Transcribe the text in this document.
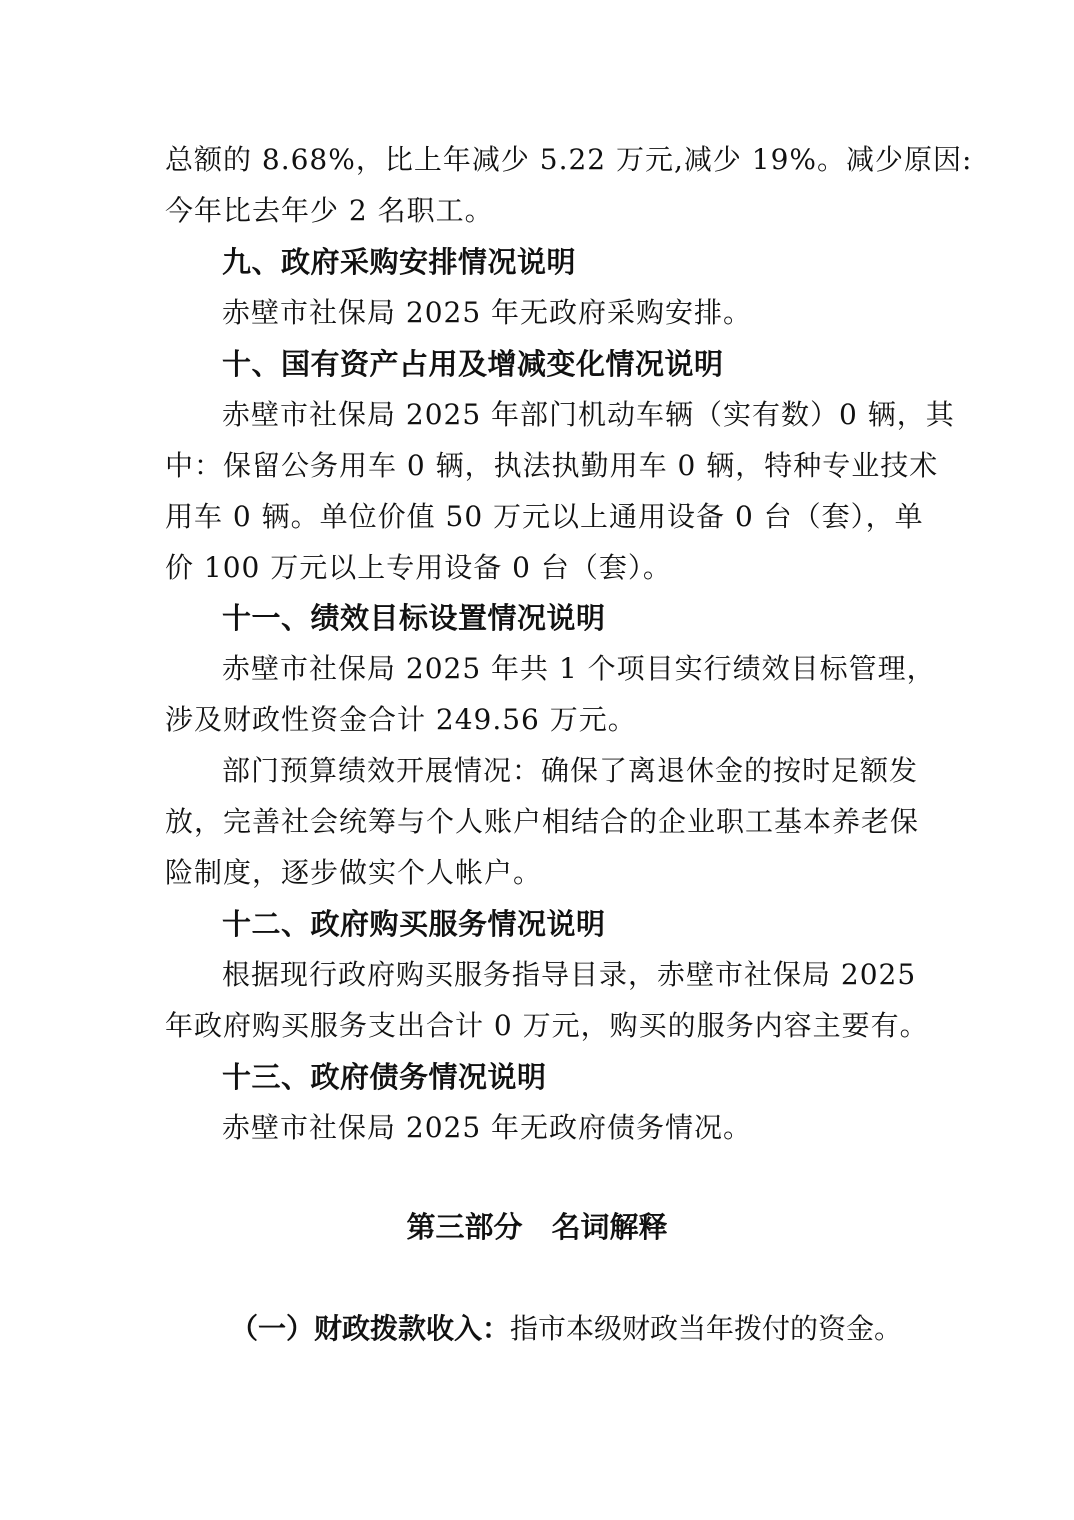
总额的 8.68%，比上年减少 5.22 万元,减少 19%。减少原因:
今年比去年少 2 名职工。
九、政府采购安排情况说明
赤壁市社保局 2025 年无政府采购安排。
十、国有资产占用及增减变化情况说明
赤壁市社保局 2025 年部门机动车辆（实有数）0 辆，其
中：保留公务用车 0 辆，执法执勤用车 0 辆，特种专业技术
用车 0 辆。单位价值 50 万元以上通用设备 0 台（套），单
价 100 万元以上专用设备 0 台（套）。
十一、绩效目标设置情况说明
赤壁市社保局 2025 年共 1 个项目实行绩效目标管理，
涉及财政性资金合计 249.56 万元。
部门预算绩效开展情况：确保了离退休金的按时足额发
放，完善社会统筹与个人账户相结合的企业职工基本养老保
险制度，逐步做实个人帐户。
十二、政府购买服务情况说明
根据现行政府购买服务指导目录，赤壁市社保局 2025
年政府购买服务支出合计 0 万元，购买的服务内容主要有。
十三、政府债务情况说明
赤壁市社保局 2025 年无政府债务情况。
第三部分　名词解释
（一）财政拨款收入：指市本级财政当年拨付的资金。
